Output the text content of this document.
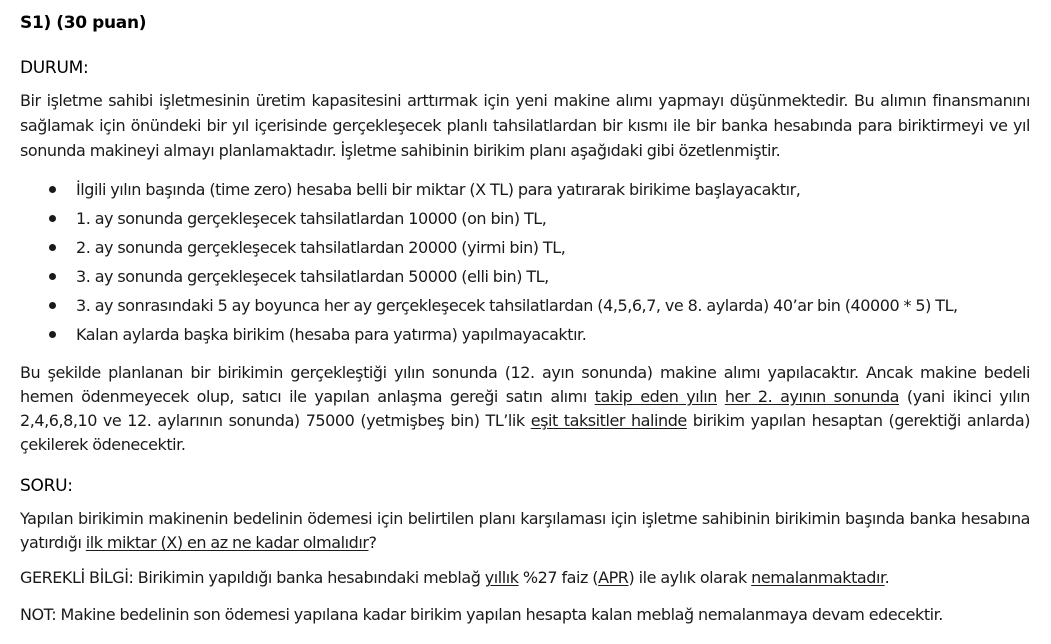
S1) (30 puan)
DURUM:
Bir işletme sahibi işletmesinin üretim kapasitesini arttırmak için yeni makine alımı yapmayı düşünmektedir. Bu alımın finansmanını sağlamak için önündeki bir yıl içerisinde gerçekleşecek planlı tahsilatlardan bir kısmı ile bir banka hesabında para biriktirmeyi ve yıl sonunda makineyi almayı planlamaktadır. İşletme sahibinin birikim planı aşağıdaki gibi özetlenmiştir.
İlgili yılın başında (time zero) hesaba belli bir miktar (X TL) para yatırarak birikime başlayacaktır,
1. ay sonunda gerçekleşecek tahsilatlardan 10000 (on bin) TL,
2. ay sonunda gerçekleşecek tahsilatlardan 20000 (yirmi bin) TL,
3. ay sonunda gerçekleşecek tahsilatlardan 50000 (elli bin) TL,
3. ay sonrasındaki 5 ay boyunca her ay gerçekleşecek tahsilatlardan (4,5,6,7, ve 8. aylarda) 40’ar bin (40000 * 5) TL,
Kalan aylarda başka birikim (hesaba para yatırma) yapılmayacaktır.
Bu şekilde planlanan bir birikimin gerçekleştiği yılın sonunda (12. ayın sonunda) makine alımı yapılacaktır. Ancak makine bedeli hemen ödenmeyecek olup, satıcı ile yapılan anlaşma gereği satın alımı takip eden yılın her 2. ayının sonunda (yani ikinci yılın 2,4,6,8,10 ve 12. aylarının sonunda) 75000 (yetmişbeş bin) TL’lik eşit taksitler halinde birikim yapılan hesaptan (gerektiği anlarda) çekilerek ödenecektir.
SORU:
Yapılan birikimin makinenin bedelinin ödemesi için belirtilen planı karşılaması için işletme sahibinin birikimin başında banka hesabına yatırdığı ilk miktar (X) en az ne kadar olmalıdır?
GEREKLİ BİLGİ: Birikimin yapıldığı banka hesabındaki meblağ yıllık %27 faiz (APR) ile aylık olarak nemalanmaktadır.
NOT: Makine bedelinin son ödemesi yapılana kadar birikim yapılan hesapta kalan meblağ nemalanmaya devam edecektir.
